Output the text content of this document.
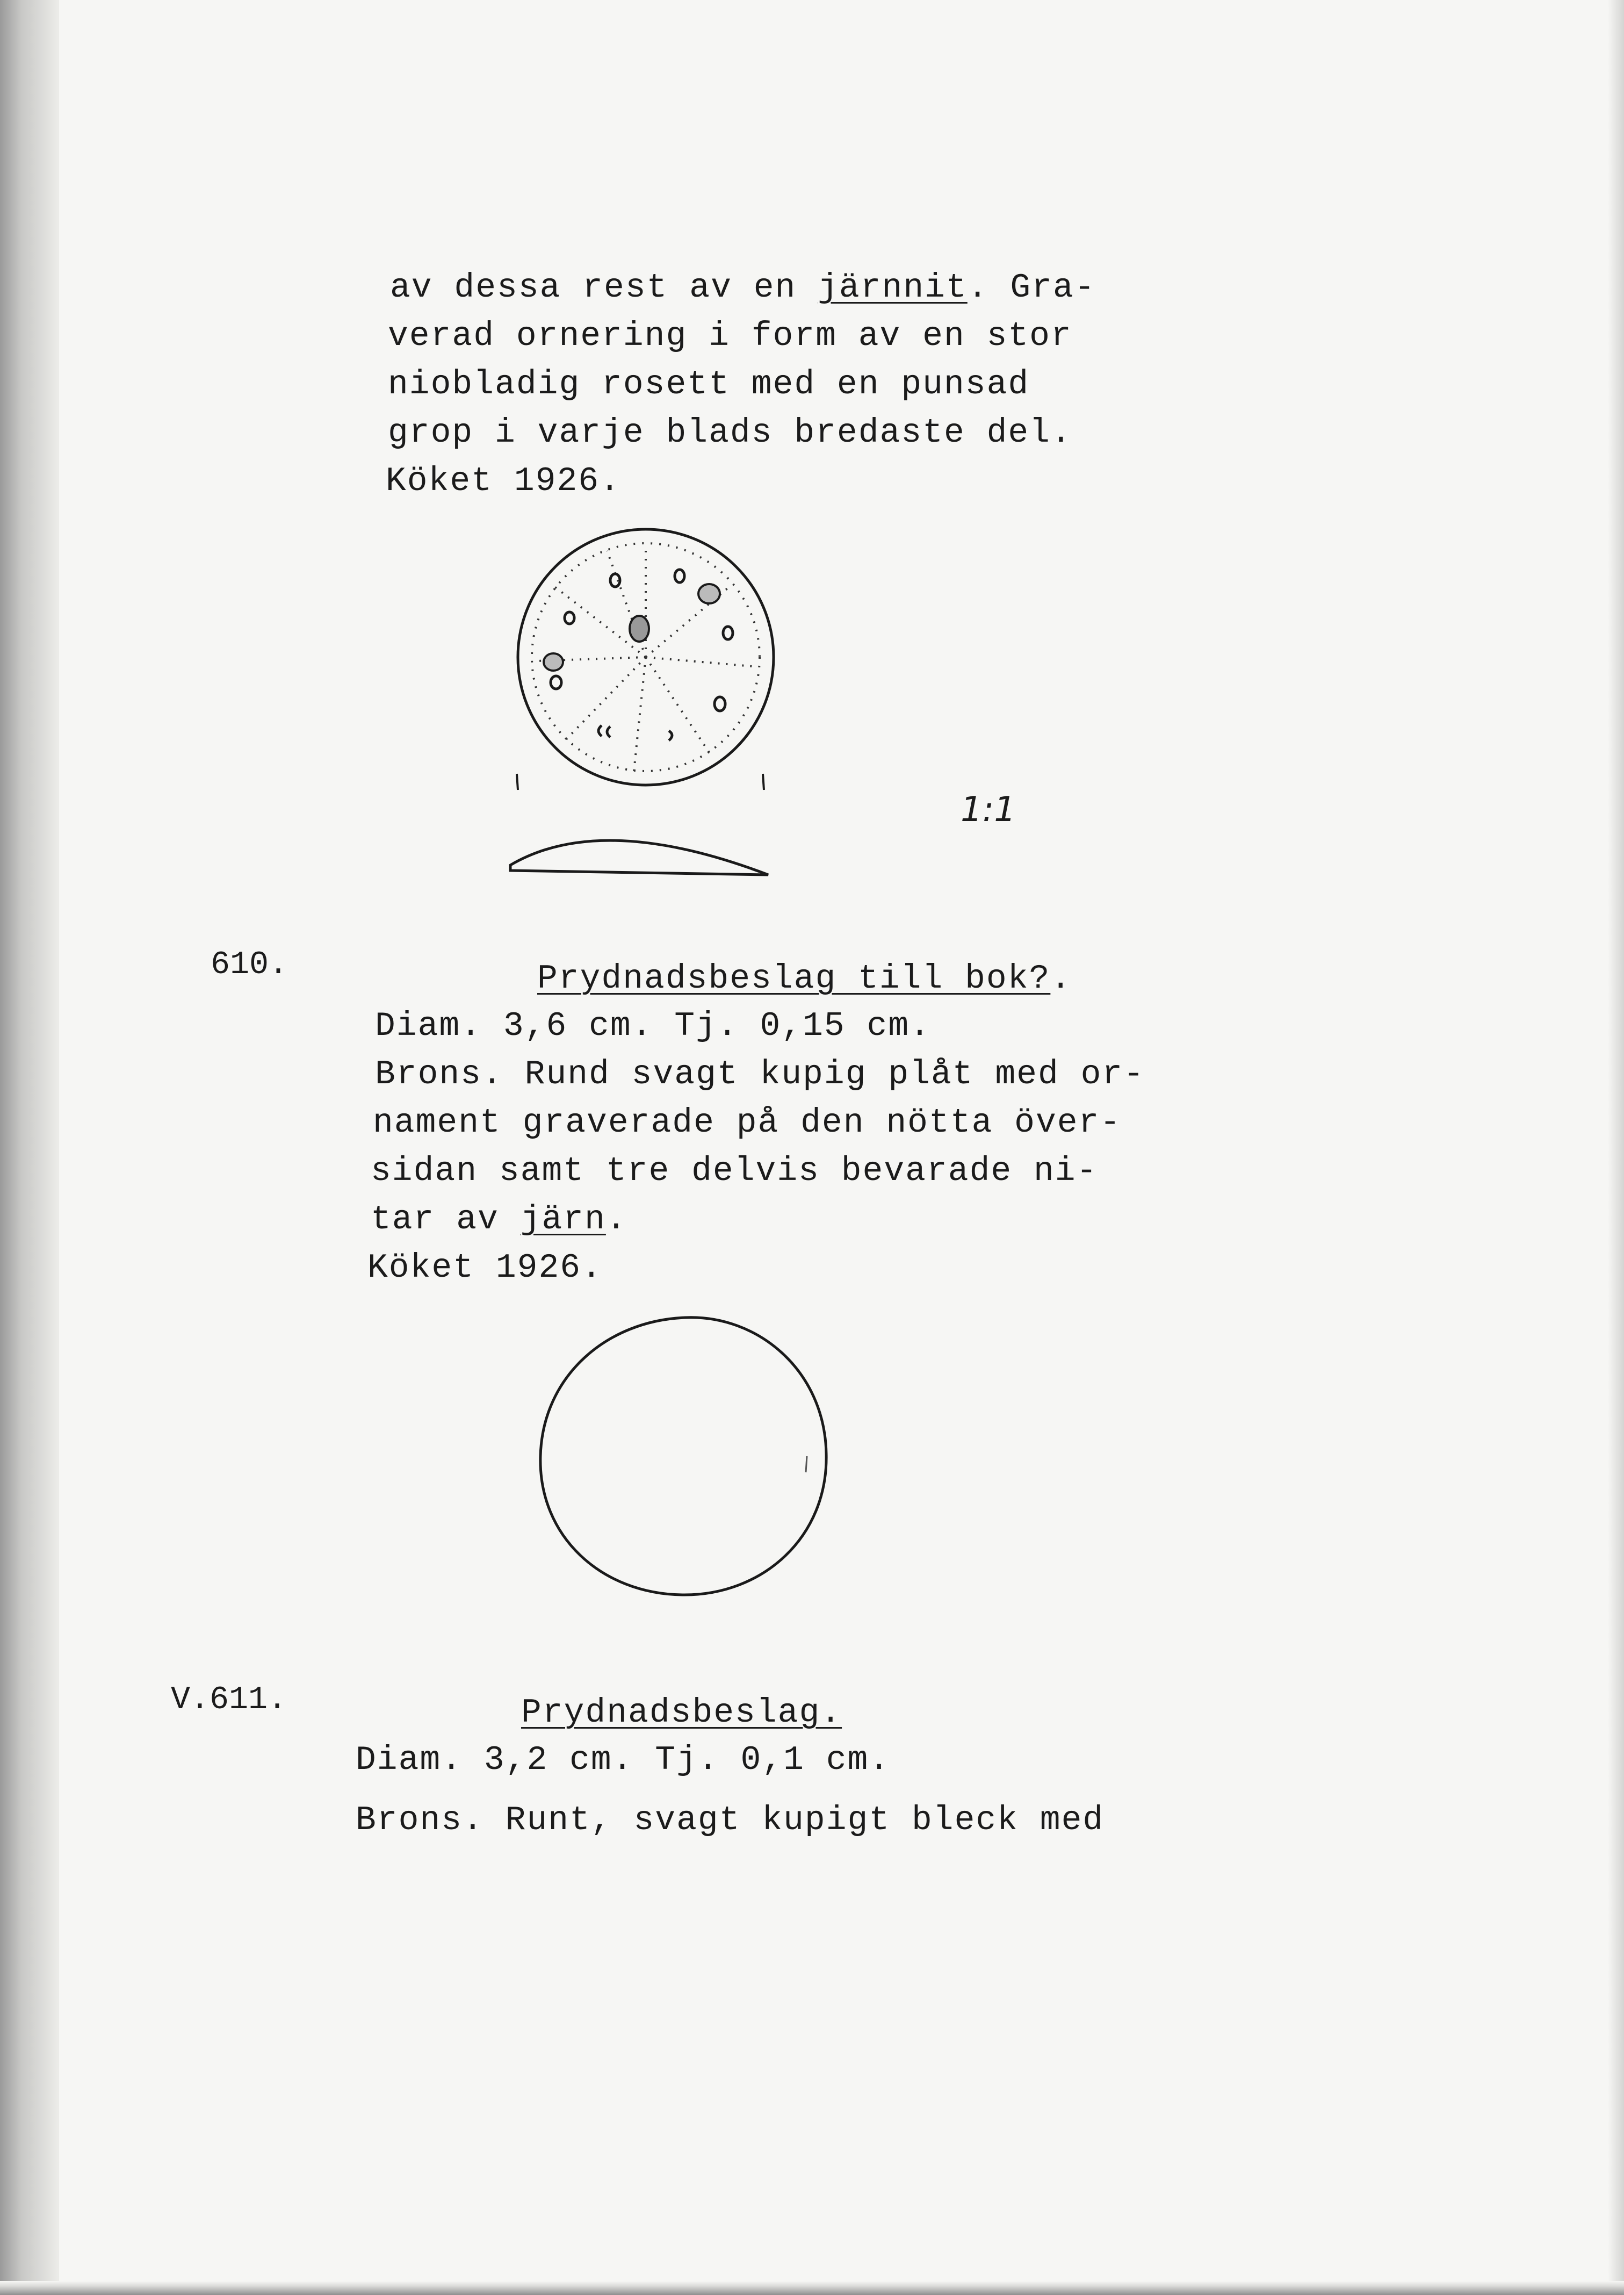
av dessa rest av en järnnit. Gra-
verad ornering i form av en stor
niobladig rosett med en punsad
grop i varje blads bredaste del.
Köket 1926.
1:1
610.	Prydnadsbeslag till bok?.
Diam. 3,6 cm. Tj. 0,15 cm.
Brons. Rund svagt kupig plåt med or-
nament graverade på den nötta över-
sidan samt tre delvis bevarade ni-
tar av järn.
Köket 1926.
V.611.	Prydnadsbeslag.
Diam. 3,2 cm. Tj. 0,1 cm.
Brons. Runt, svagt kupigt bleck med
